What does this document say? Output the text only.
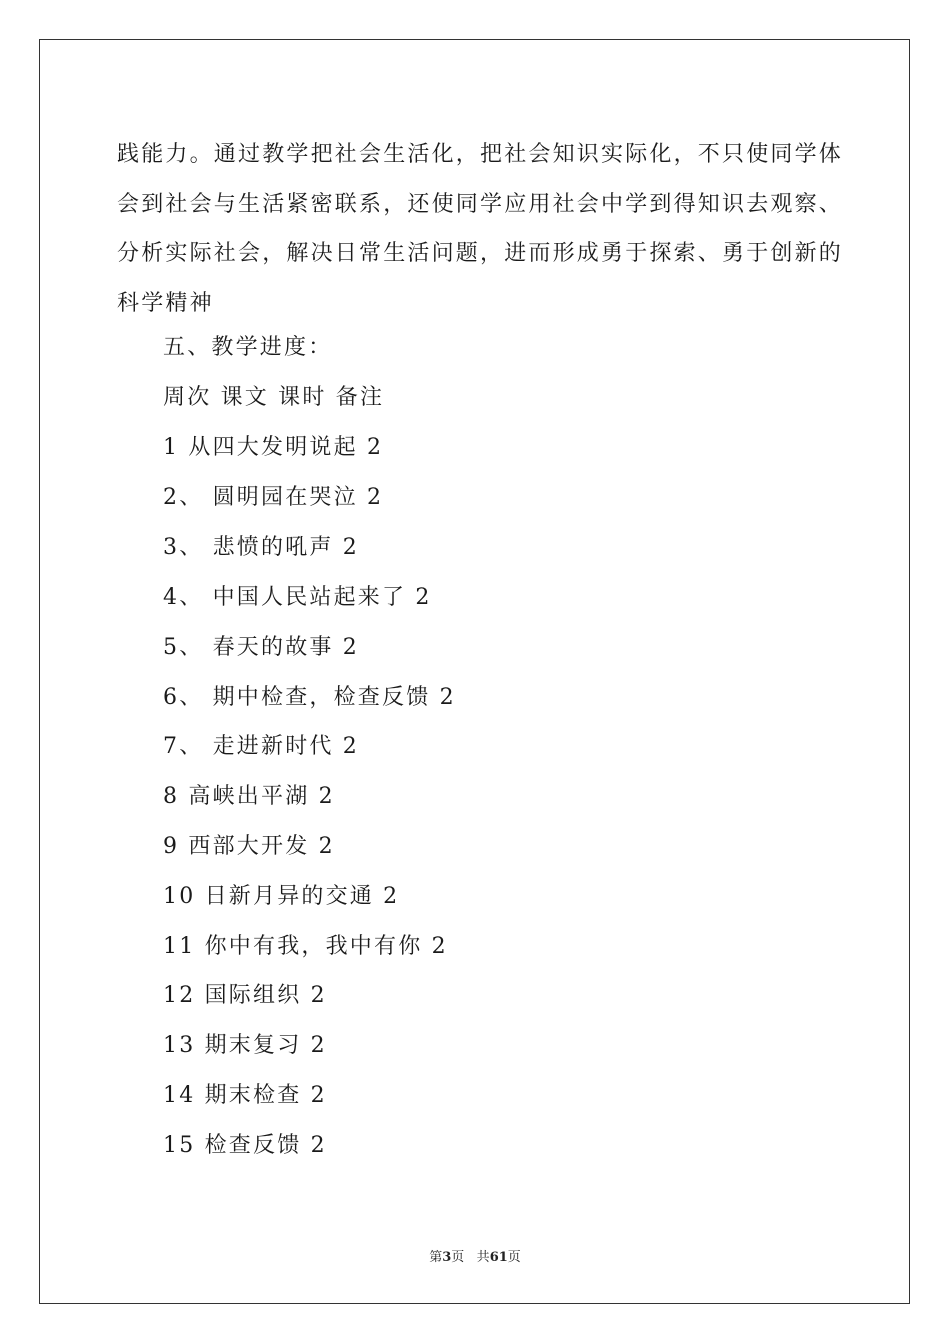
践能力。通过教学把社会生活化，把社会知识实际化，不只使同学体
会到社会与生活紧密联系，还使同学应用社会中学到得知识去观察、
分析实际社会，解决日常生活问题，进而形成勇于探索、勇于创新的
科学精神

五、教学进度：

周次 课文 课时 备注

1 从四大发明说起 2

2、 圆明园在哭泣 2

3、 悲愤的吼声 2

4、 中国人民站起来了 2

5、 春天的故事 2

6、 期中检查，检查反馈 2

7、 走进新时代 2

8 高峡出平湖 2

9 西部大开发 2

10 日新月异的交通 2

11 你中有我，我中有你 2

12 国际组织 2

13 期末复习 2

14 期末检查 2

15 检查反馈 2

第3页 共61页
